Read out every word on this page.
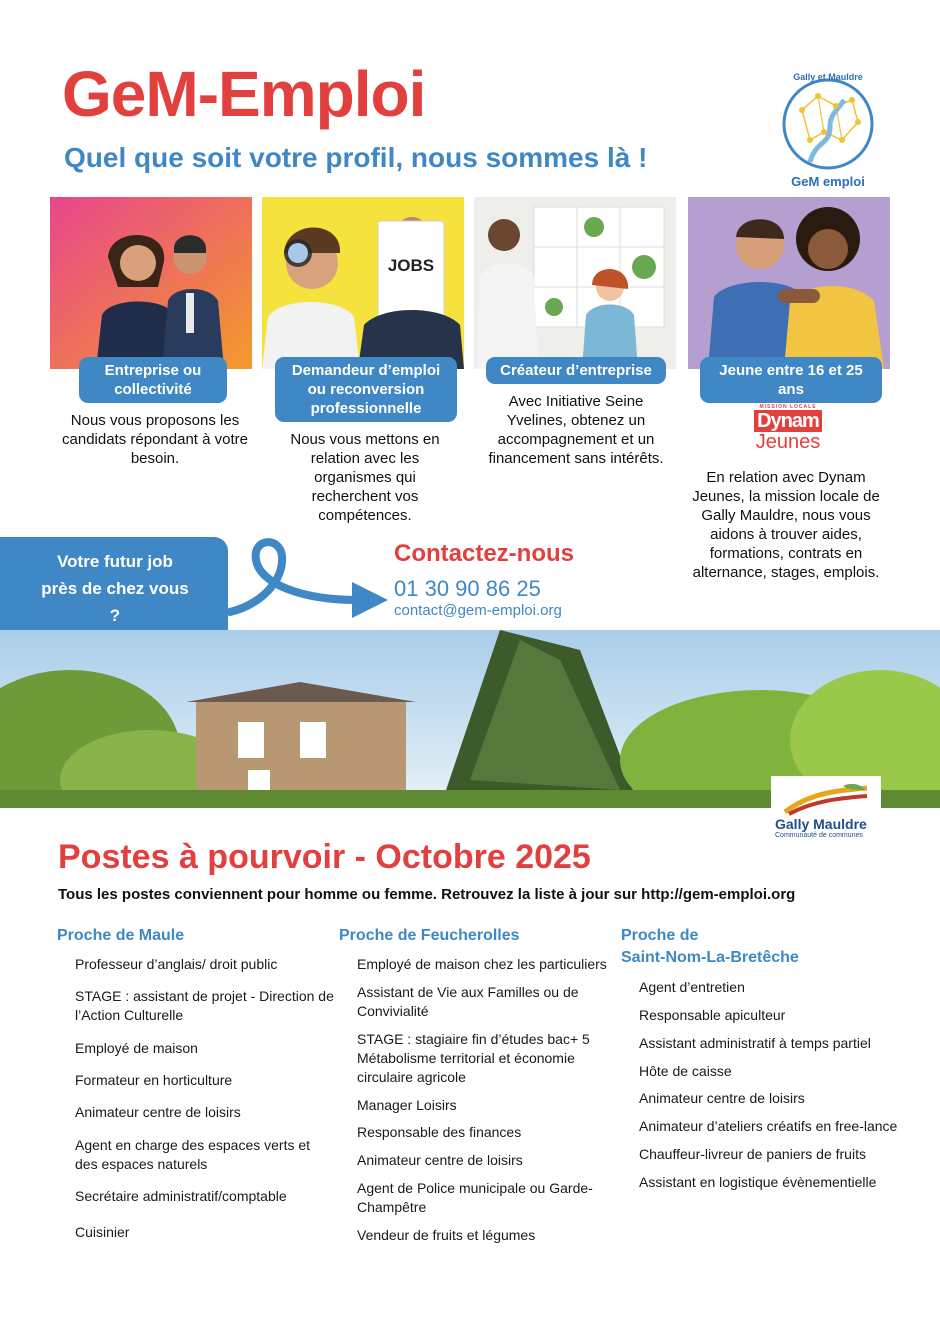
GeM-Emploi
Quel que soit votre profil, nous sommes là !
Gally et Mauldre
GeM emploi
JOBS
Entreprise ou collectivité
Demandeur d’emploi ou reconversion professionnelle
Créateur d’entreprise	Jeune entre 16 et 25 ans
Nous vous proposons les candidats répondant à votre besoin.
Nous vous mettons en relation avec les organismes qui recherchent vos compétences.
Avec Initiative Seine Yvelines, obtenez un accompagnement et un financement sans intérêts.
En relation avec Dynam Jeunes, la mission locale de Gally Mauldre, nous vous aidons à trouver aides, formations, contrats en alternance, stages, emplois.
MISSION LOCALE
Dynam
Jeunes
Votre futur job près de chez vous ?
Contactez-nous
01 30 90 86 25
contact@gem-emploi.org
Gally Mauldre
Communauté de communes
Postes à pourvoir - Octobre 2025
Tous les postes conviennent pour homme ou femme. Retrouvez la liste à jour sur http://gem-emploi.org
Proche de Maule
Professeur d’anglais/ droit public
STAGE : assistant de projet - Direction de l’Action Culturelle
Employé de maison
Formateur en horticulture
Animateur centre de loisirs
Agent en charge des espaces verts et des espaces naturels
Secrétaire administratif/comptable
Cuisinier
Proche de Feucherolles
Employé de maison chez les particuliers
Assistant de Vie aux Familles ou de Convivialité
STAGE : stagiaire fin d’études bac+ 5 Métabolisme territorial et économie circulaire agricole
Manager Loisirs
Responsable des finances
Animateur centre de loisirs
Agent de Police municipale ou Garde-Champêtre
Vendeur de fruits et légumes
Proche de
Saint-Nom-La-Bretêche
Agent d’entretien
Responsable apiculteur
Assistant administratif à temps partiel
Hôte de caisse
Animateur centre de loisirs
Animateur d’ateliers créatifs en free-lance
Chauffeur-livreur de paniers de fruits
Assistant en logistique évènementielle
